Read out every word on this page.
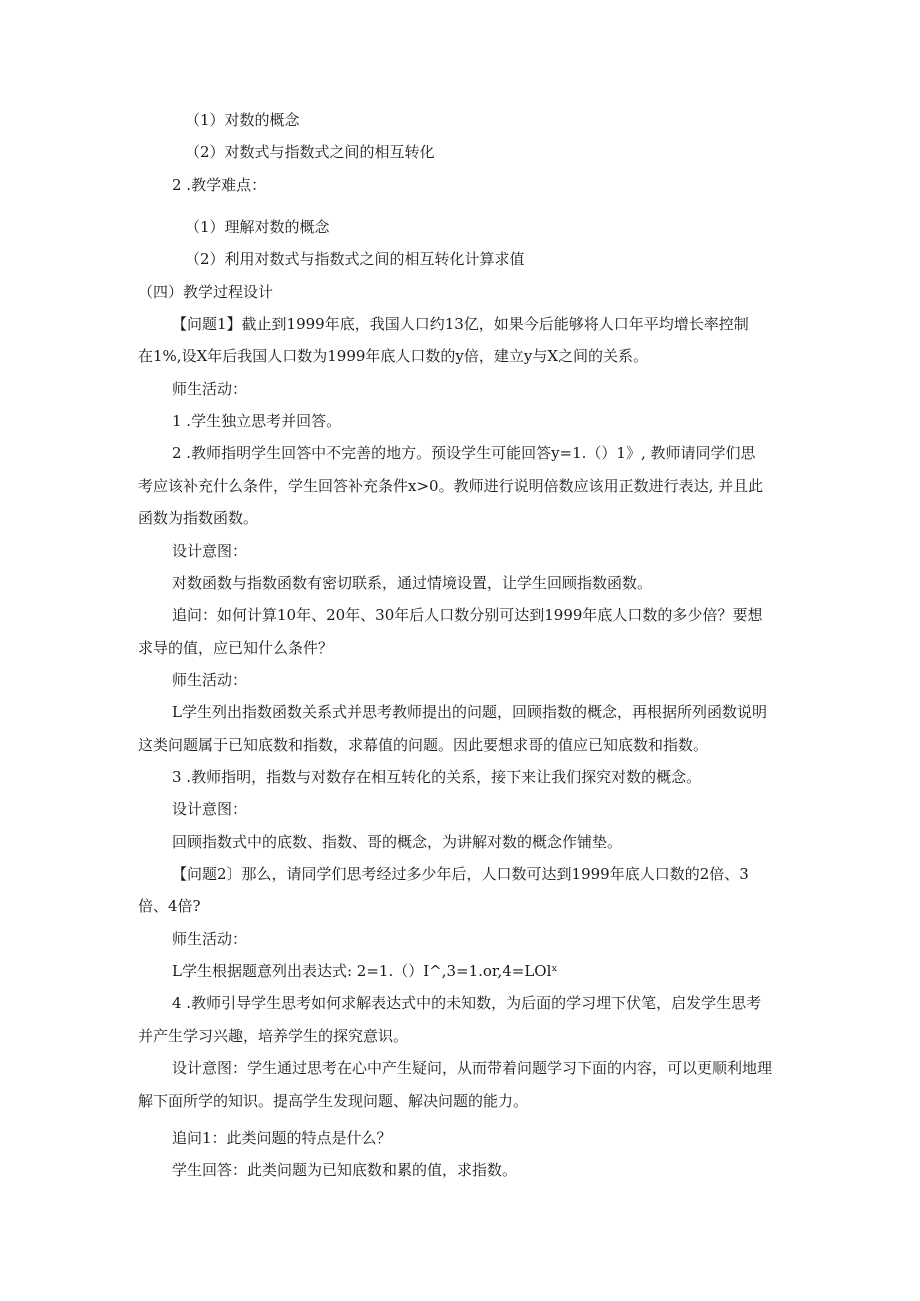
（1）对数的概念
（2）对数式与指数式之间的相互转化
2 .教学难点：
（1）理解对数的概念
（2）利用对数式与指数式之间的相互转化计算求值
（四）教学过程设计
【问题1】截止到1999年底，我国人口约13亿，如果今后能够将人口年平均增长率控制
在1%,设X年后我国人口数为1999年底人口数的y倍，建立y与X之间的关系。
师生活动：
1 .学生独立思考并回答。
2 .教师指明学生回答中不完善的地方。预设学生可能回答y=1.（）1》, 教师请同学们思
考应该补充什么条件，学生回答补充条件x>0。教师进行说明倍数应该用正数进行表达, 并且此
函数为指数函数。
设计意图：
对数函数与指数函数有密切联系，通过情境设置，让学生回顾指数函数。
追问：如何计算10年、20年、30年后人口数分别可达到1999年底人口数的多少倍？要想
求导的值，应已知什么条件？
师生活动：
L学生列出指数函数关系式并思考教师提出的问题，回顾指数的概念，再根据所列函数说明
这类问题属于已知底数和指数，求幕值的问题。因此要想求哥的值应已知底数和指数。
3 .教师指明，指数与对数存在相互转化的关系，接下来让我们探究对数的概念。
设计意图：
回顾指数式中的底数、指数、哥的概念，为讲解对数的概念作铺垫。
【问题2〕那么，请同学们思考经过多少年后，人口数可达到1999年底人口数的2倍、3
倍、4倍?
师生活动：
L学生根据题意列出表达式: 2=1.（）I^,3=1.or,4=LOlˣ
4 .教师引导学生思考如何求解表达式中的未知数，为后面的学习埋下伏笔，启发学生思考
并产生学习兴趣，培养学生的探究意识。
设计意图：学生通过思考在心中产生疑问，从而带着问题学习下面的内容，可以更顺利地理
解下面所学的知识。提高学生发现问题、解决问题的能力。
追问1：此类问题的特点是什么？
学生回答：此类问题为已知底数和累的值，求指数。
